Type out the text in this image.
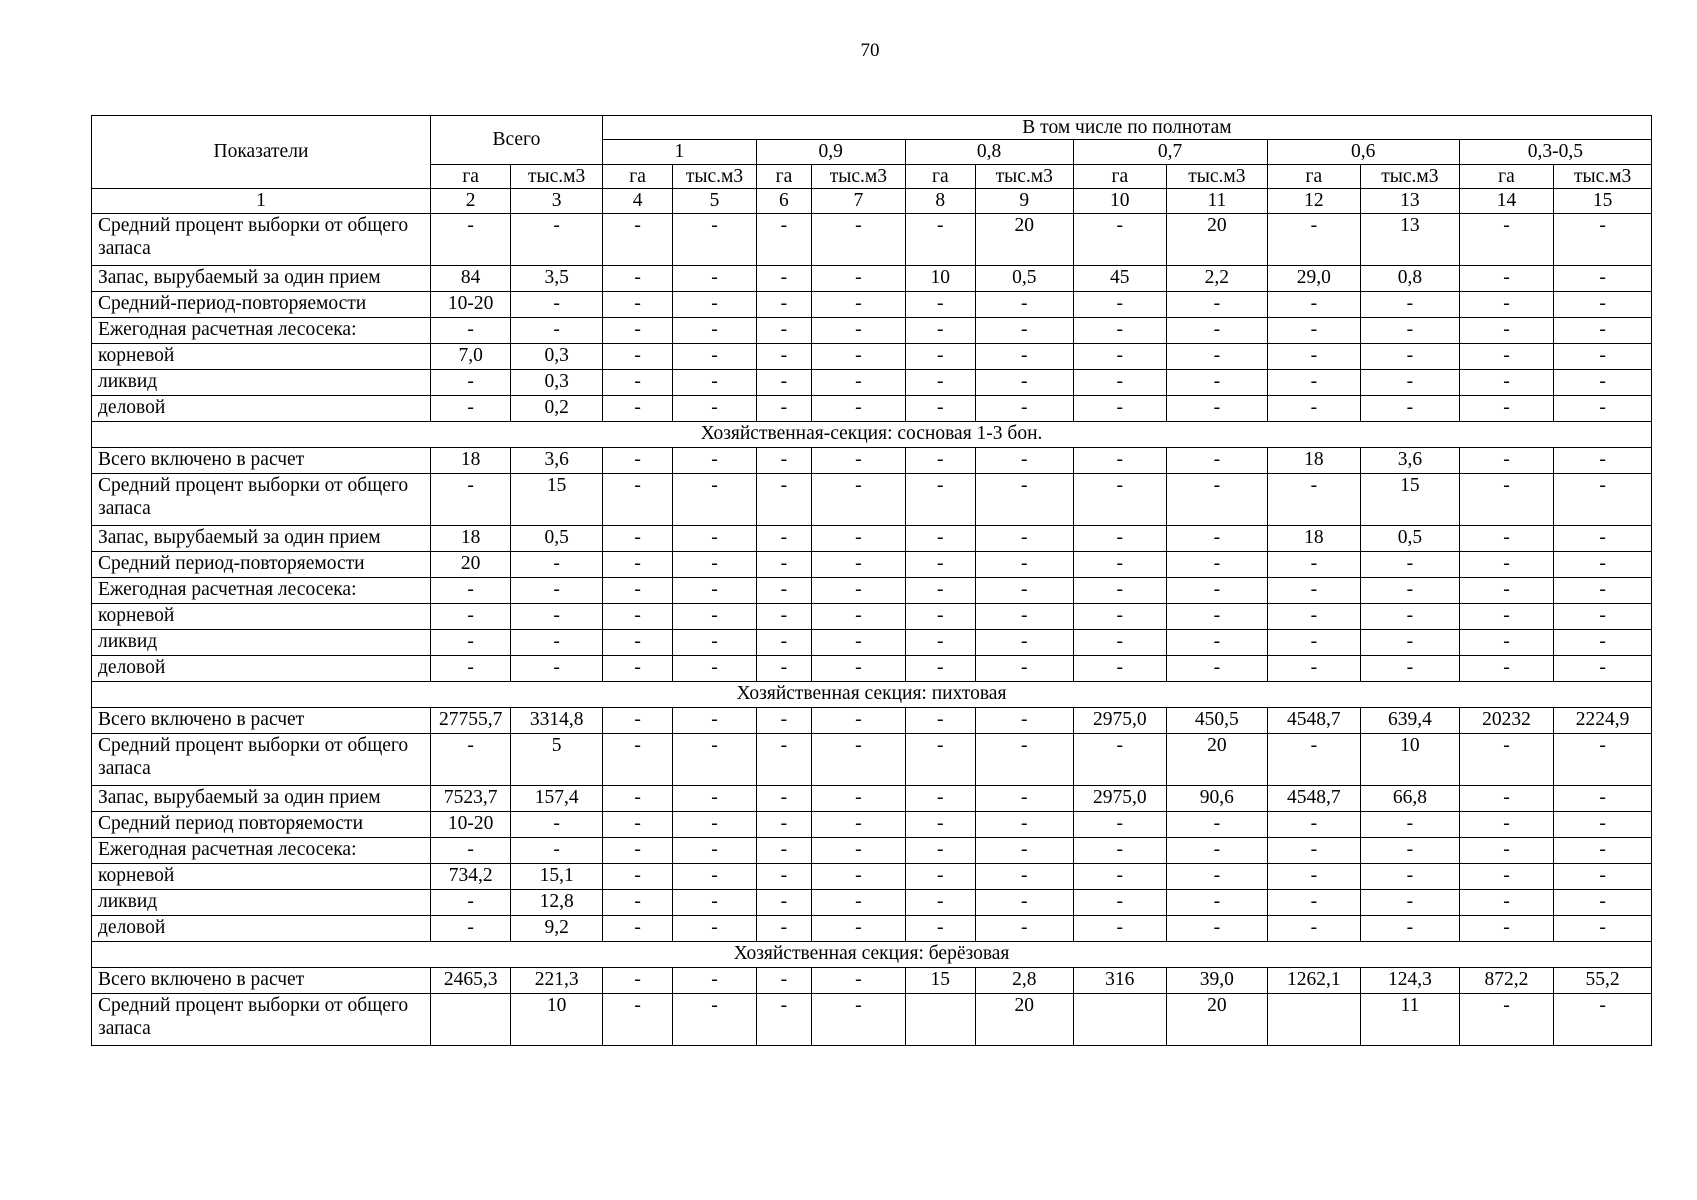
70
Показатели	Всего		В том числе по полнотам											
			1		0,9		0,8		0,7		0,6		0,3-0,5	
	га	тыс.м3	га	тыс.м3	га	тыс.м3	га	тыс.м3	га	тыс.м3	га	тыс.м3	га	тыс.м3
1	2	3	4	5	6	7	8	9	10	11	12	13	14	15
Средний процент выборки от общего запаса	-	-	-	-	-	-	-	20	-	20	-	13	-	-
Запас, вырубаемый за один прием	84	3,5	-	-	-	-	10	0,5	45	2,2	29,0	0,8	-	-
Средний-период-повторяемости	10-20	-	-	-	-	-	-	-	-	-	-	-	-	-
Ежегодная расчетная лесосека:	-	-	-	-	-	-	-	-	-	-	-	-	-	-
корневой	7,0	0,3	-	-	-	-	-	-	-	-	-	-	-	-
ликвид	-	0,3	-	-	-	-	-	-	-	-	-	-	-	-
деловой	-	0,2	-	-	-	-	-	-	-	-	-	-	-	-
Хозяйственная-секция: сосновая 1-3 бон.														
Всего включено в расчет	18	3,6	-	-	-	-	-	-	-	-	18	3,6	-	-
Средний процент выборки от общего запаса	-	15	-	-	-	-	-	-	-	-	-	15	-	-
Запас, вырубаемый за один прием	18	0,5	-	-	-	-	-	-	-	-	18	0,5	-	-
Средний период-повторяемости	20	-	-	-	-	-	-	-	-	-	-	-	-	-
Ежегодная расчетная лесосека:	-	-	-	-	-	-	-	-	-	-	-	-	-	-
корневой	-	-	-	-	-	-	-	-	-	-	-	-	-	-
ликвид	-	-	-	-	-	-	-	-	-	-	-	-	-	-
деловой	-	-	-	-	-	-	-	-	-	-	-	-	-	-
Хозяйственная секция: пихтовая														
Всего включено в расчет	27755,7	3314,8	-	-	-	-	-	-	2975,0	450,5	4548,7	639,4	20232	2224,9
Средний процент выборки от общего запаса	-	5	-	-	-	-	-	-	-	20	-	10	-	-
Запас, вырубаемый за один прием	7523,7	157,4	-	-	-	-	-	-	2975,0	90,6	4548,7	66,8	-	-
Средний период повторяемости	10-20	-	-	-	-	-	-	-	-	-	-	-	-	-
Ежегодная расчетная лесосека:	-	-	-	-	-	-	-	-	-	-	-	-	-	-
корневой	734,2	15,1	-	-	-	-	-	-	-	-	-	-	-	-
ликвид	-	12,8	-	-	-	-	-	-	-	-	-	-	-	-
деловой	-	9,2	-	-	-	-	-	-	-	-	-	-	-	-
Хозяйственная секция: берёзовая														
Всего включено в расчет	2465,3	221,3	-	-	-	-	15	2,8	316	39,0	1262,1	124,3	872,2	55,2
Средний процент выборки от общего запаса		10	-	-	-	-		20		20		11	-	-
